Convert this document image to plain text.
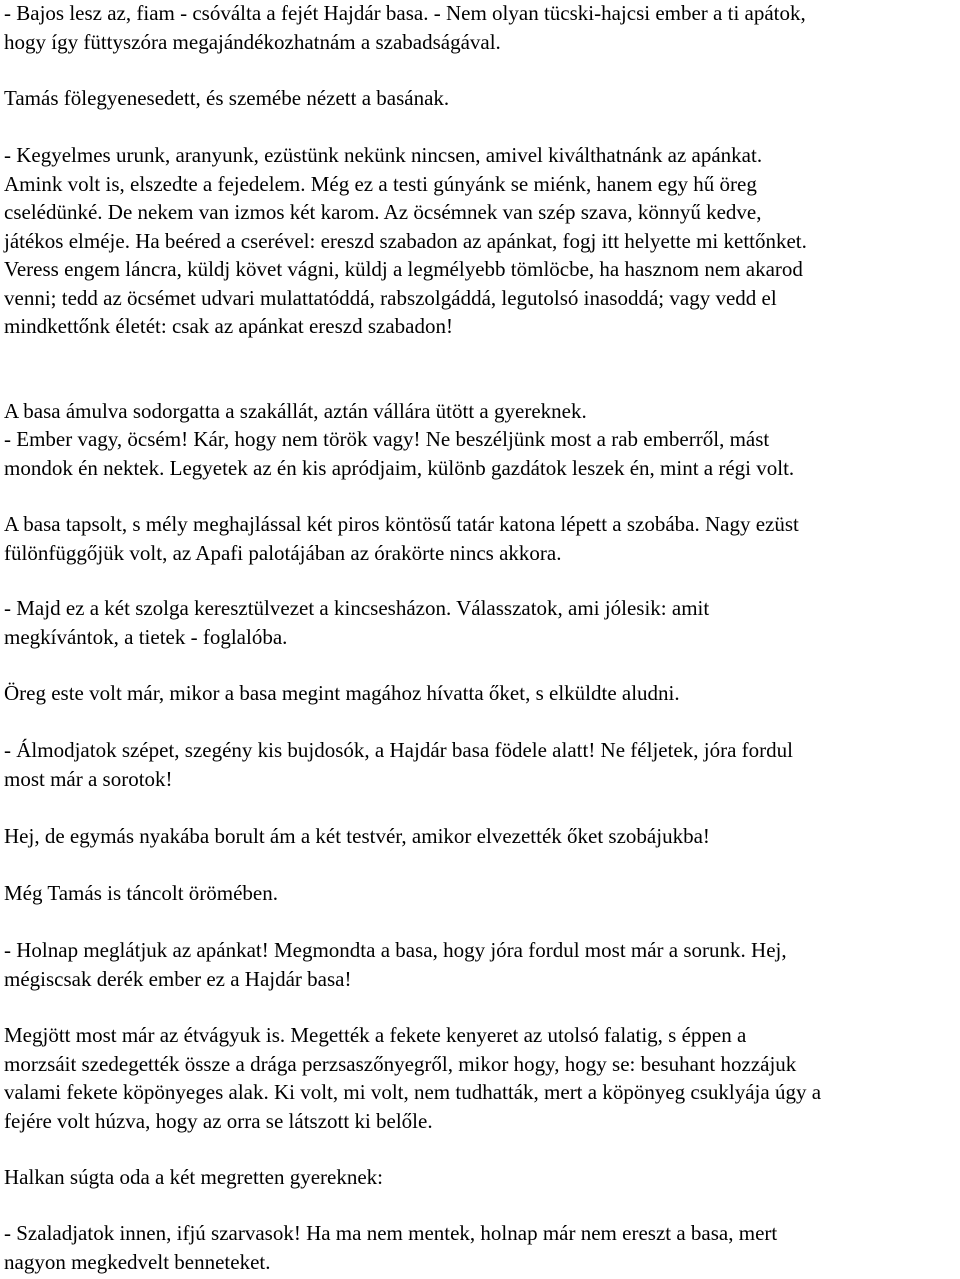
- Bajos lesz az, fiam - csóválta a fejét Hajdár basa. - Nem olyan tücski-hajcsi ember a ti apátok,
hogy így füttyszóra megajándékozhatnám a szabadságával.

Tamás fölegyenesedett, és szemébe nézett a basának.

- Kegyelmes urunk, aranyunk, ezüstünk nekünk nincsen, amivel kiválthatnánk az apánkat.
Amink volt is, elszedte a fejedelem. Még ez a testi gúnyánk se miénk, hanem egy hű öreg
cselédünké. De nekem van izmos két karom. Az öcsémnek van szép szava, könnyű kedve,
játékos elméje. Ha beéred a cserével: ereszd szabadon az apánkat, fogj itt helyette mi kettőnket.
Veress engem láncra, küldj követ vágni, küldj a legmélyebb tömlöcbe, ha hasznom nem akarod
venni; tedd az öcsémet udvari mulattatóddá, rabszolgáddá, legutolsó inasoddá; vagy vedd el
mindkettőnk életét: csak az apánkat ereszd szabadon!

A basa ámulva sodorgatta a szakállát, aztán vállára ütött a gyereknek.

- Ember vagy, öcsém! Kár, hogy nem török vagy! Ne beszéljünk most a rab emberről, mást
mondok én nektek. Legyetek az én kis apródjaim, különb gazdátok leszek én, mint a régi volt.

A basa tapsolt, s mély meghajlással két piros köntösű tatár katona lépett a szobába. Nagy ezüst
fülönfüggőjük volt, az Apafi palotájában az órakörte nincs akkora.

- Majd ez a két szolga keresztülvezet a kincsesházon. Válasszatok, ami jólesik: amit
megkívántok, a tietek - foglalóba.

Öreg este volt már, mikor a basa megint magához hívatta őket, s elküldte aludni.

- Álmodjatok szépet, szegény kis bujdosók, a Hajdár basa födele alatt! Ne féljetek, jóra fordul
most már a sorotok!

Hej, de egymás nyakába borult ám a két testvér, amikor elvezették őket szobájukba!

Még Tamás is táncolt örömében.

- Holnap meglátjuk az apánkat! Megmondta a basa, hogy jóra fordul most már a sorunk. Hej,
mégiscsak derék ember ez a Hajdár basa!

Megjött most már az étvágyuk is. Megették a fekete kenyeret az utolsó falatig, s éppen a
morzsáit szedegették össze a drága perzsaszőnyegről, mikor hogy, hogy se: besuhant hozzájuk
valami fekete köpönyeges alak. Ki volt, mi volt, nem tudhatták, mert a köpönyeg csuklyája úgy a
fejére volt húzva, hogy az orra se látszott ki belőle.

Halkan súgta oda a két megretten gyereknek:

- Szaladjatok innen, ifjú szarvasok! Ha ma nem mentek, holnap már nem ereszt a basa, mert
nagyon megkedvelt benneteket.
